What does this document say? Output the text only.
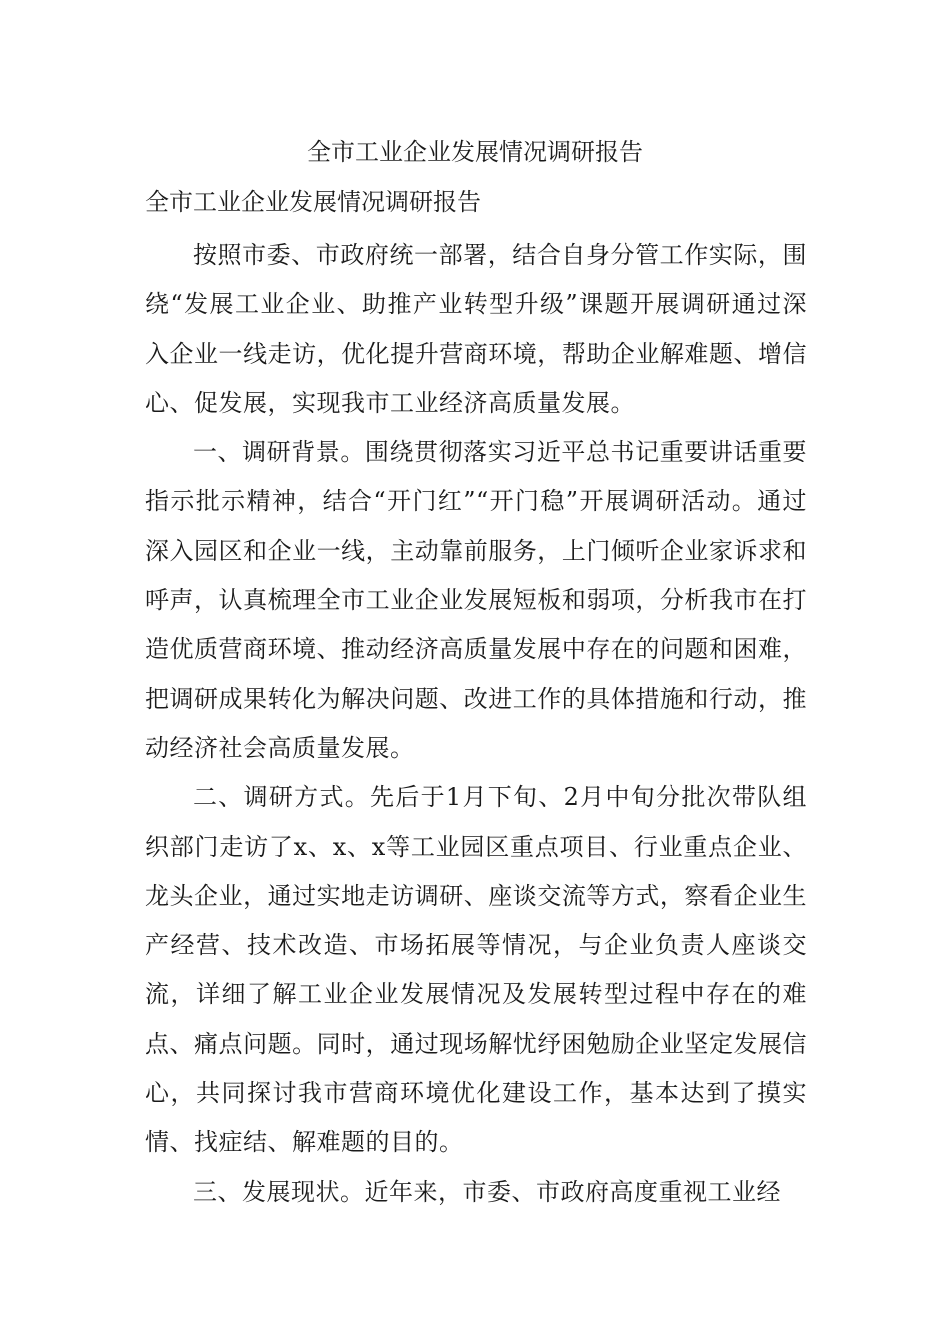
全市工业企业发展情况调研报告

全市工业企业发展情况调研报告

按照市委、市政府统一部署，结合自身分管工作实际，围绕“发展工业企业、助推产业转型升级”课题开展调研通过深入企业一线走访，优化提升营商环境，帮助企业解难题、增信心、促发展，实现我市工业经济高质量发展。

一、调研背景。围绕贯彻落实习近平总书记重要讲话重要指示批示精神，结合“开门红”“开门稳”开展调研活动。通过深入园区和企业一线，主动靠前服务，上门倾听企业家诉求和呼声，认真梳理全市工业企业发展短板和弱项，分析我市在打造优质营商环境、推动经济高质量发展中存在的问题和困难，把调研成果转化为解决问题、改进工作的具体措施和行动，推动经济社会高质量发展。

二、调研方式。先后于1月下旬、2月中旬分批次带队组织部门走访了x、x、x等工业园区重点项目、行业重点企业、龙头企业，通过实地走访调研、座谈交流等方式，察看企业生产经营、技术改造、市场拓展等情况，与企业负责人座谈交流，详细了解工业企业发展情况及发展转型过程中存在的难点、痛点问题。同时，通过现场解忧纾困勉励企业坚定发展信心，共同探讨我市营商环境优化建设工作，基本达到了摸实情、找症结、解难题的目的。

三、发展现状。近年来，市委、市政府高度重视工业经
